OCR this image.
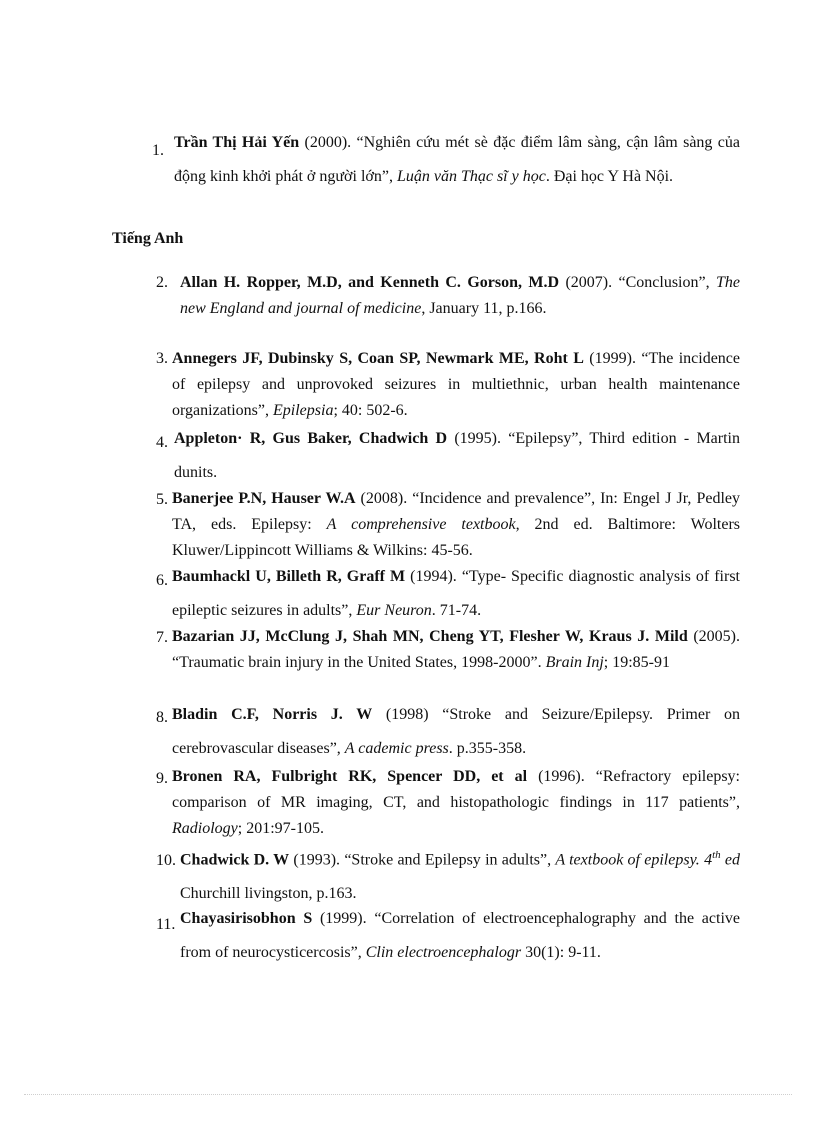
1. Trần Thị Hải Yến (2000). “Nghiên cứu mét sè đặc điểm lâm sàng, cận lâm sàng của động kinh khởi phát ở người lớn”, Luận văn Thạc sĩ y học. Đại học Y Hà Nội.
Tiếng Anh
2. Allan H. Ropper, M.D, and Kenneth C. Gorson, M.D (2007). “Conclusion”, The new England and journal of medicine, January 11, p.166.
3. Annegers JF, Dubinsky S, Coan SP, Newmark ME, Roht L (1999). “The incidence of epilepsy and unprovoked seizures in multiethnic, urban health maintenance organizations”, Epilepsia; 40: 502-6.
4. Appleton· R, Gus Baker, Chadwich D (1995). “Epilepsy”, Third edition - Martin dunits.
5. Banerjee P.N, Hauser W.A (2008). “Incidence and prevalence”, In: Engel J Jr, Pedley TA, eds. Epilepsy: A comprehensive textbook, 2nd ed. Baltimore: Wolters Kluwer/Lippincott Williams & Wilkins: 45-56.
6. Baumhackl U, Billeth R, Graff M (1994). “Type- Specific diagnostic analysis of first epileptic seizures in adults”, Eur Neuron. 71-74.
7. Bazarian JJ, McClung J, Shah MN, Cheng YT, Flesher W, Kraus J. Mild (2005). “Traumatic brain injury in the United States, 1998-2000”. Brain Inj; 19:85-91
8. Bladin C.F, Norris J. W (1998) “Stroke and Seizure/Epilepsy. Primer on cerebrovascular diseases”, A cademic press. p.355-358.
9. Bronen RA, Fulbright RK, Spencer DD, et al (1996). “Refractory epilepsy: comparison of MR imaging, CT, and histopathologic findings in 117 patients”, Radiology; 201:97-105.
10. Chadwick D. W (1993). “Stroke and Epilepsy in adults”, A textbook of epilepsy. 4th ed Churchill livingston, p.163.
11. Chayasirisobhon S (1999). “Correlation of electroencephalography and the active from of neurocysticercosis”, Clin electroencephalogr 30(1): 9-11.
